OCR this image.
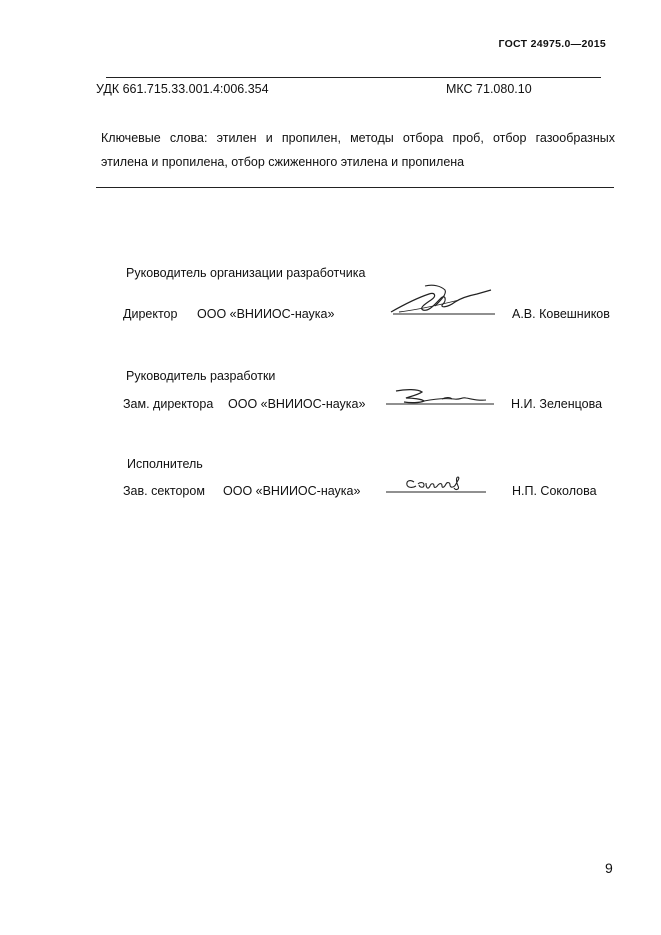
ГОСТ 24975.0—2015
УДК 661.715.33.001.4:006.354	МКС 71.080.10
Ключевые слова: этилен и пропилен, методы отбора проб, отбор газообразных
этилена и пропилена, отбор сжиженного этилена и пропилена
Руководитель организации разработчика
Директор ООО «ВНИИОС-наука»	А.В. Ковешников
Руководитель разработки
Зам. директора ООО «ВНИИОС-наука»	Н.И. Зеленцова
Исполнитель
Зав. сектором ООО «ВНИИОС-наука»	Н.П. Соколова
9
